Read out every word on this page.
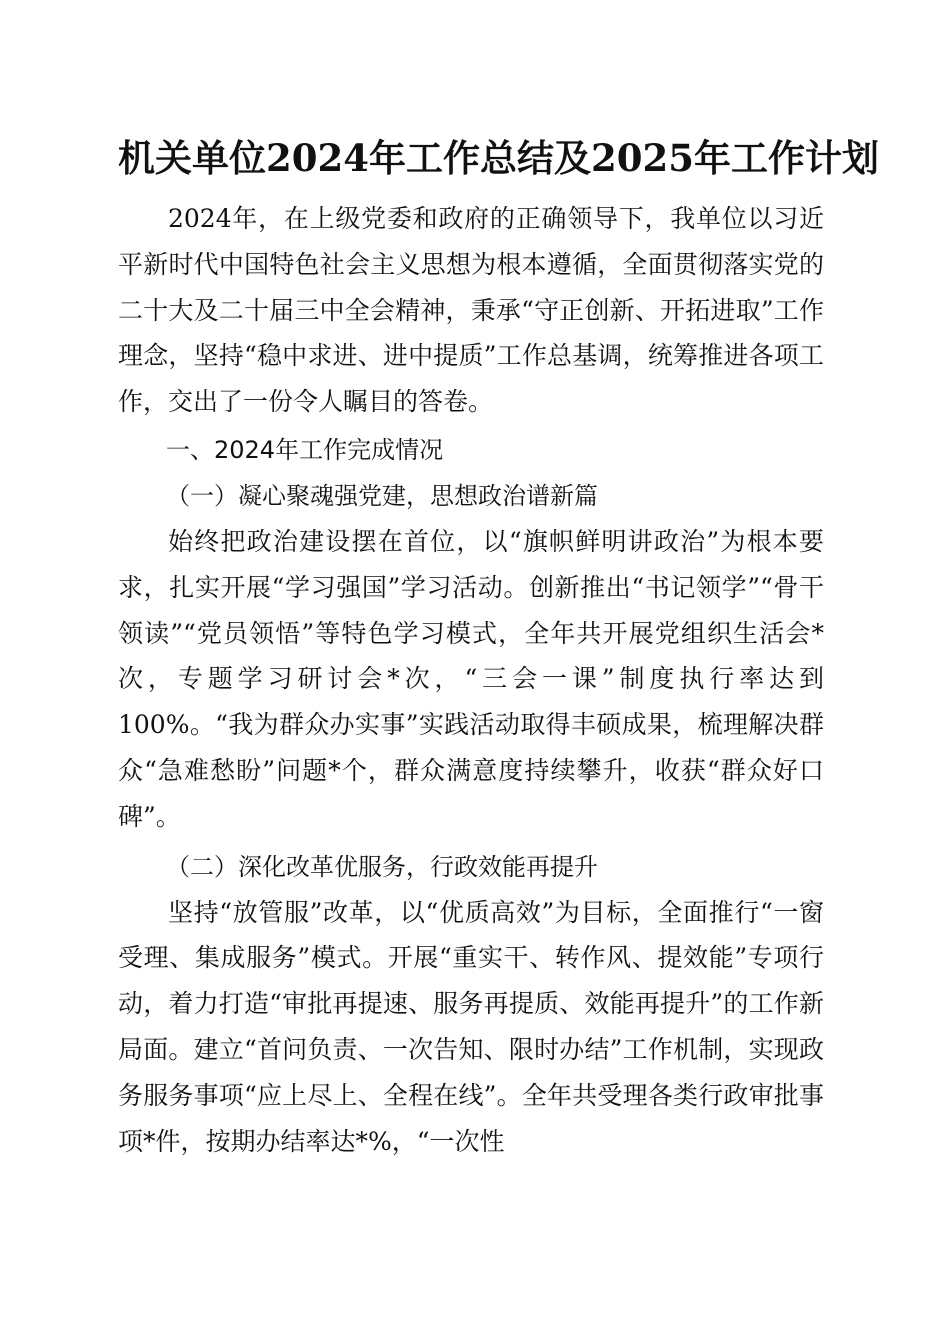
机关单位2024年工作总结及2025年工作计划

2024年，在上级党委和政府的正确领导下，我单位以习近平新时代中国特色社会主义思想为根本遵循，全面贯彻落实党的二十大及二十届三中全会精神，秉承“守正创新、开拓进取”工作理念，坚持“稳中求进、进中提质”工作总基调，统筹推进各项工作，交出了一份令人瞩目的答卷。

一、2024年工作完成情况

（一）凝心聚魂强党建，思想政治谱新篇

始终把政治建设摆在首位，以“旗帜鲜明讲政治”为根本要求，扎实开展“学习强国”学习活动。创新推出“书记领学”“骨干领读”“党员领悟”等特色学习模式，全年共开展党组织生活会*次，专题学习研讨会*次，“三会一课”制度执行率达到100%。“我为群众办实事”实践活动取得丰硕成果，梳理解决群众“急难愁盼”问题*个，群众满意度持续攀升，收获“群众好口碑”。

（二）深化改革优服务，行政效能再提升

坚持“放管服”改革，以“优质高效”为目标，全面推行“一窗受理、集成服务”模式。开展“重实干、转作风、提效能”专项行动，着力打造“审批再提速、服务再提质、效能再提升”的工作新局面。建立“首问负责、一次告知、限时办结”工作机制，实现政务服务事项“应上尽上、全程在线”。全年共受理各类行政审批事项*件，按期办结率达*%，“一次性
